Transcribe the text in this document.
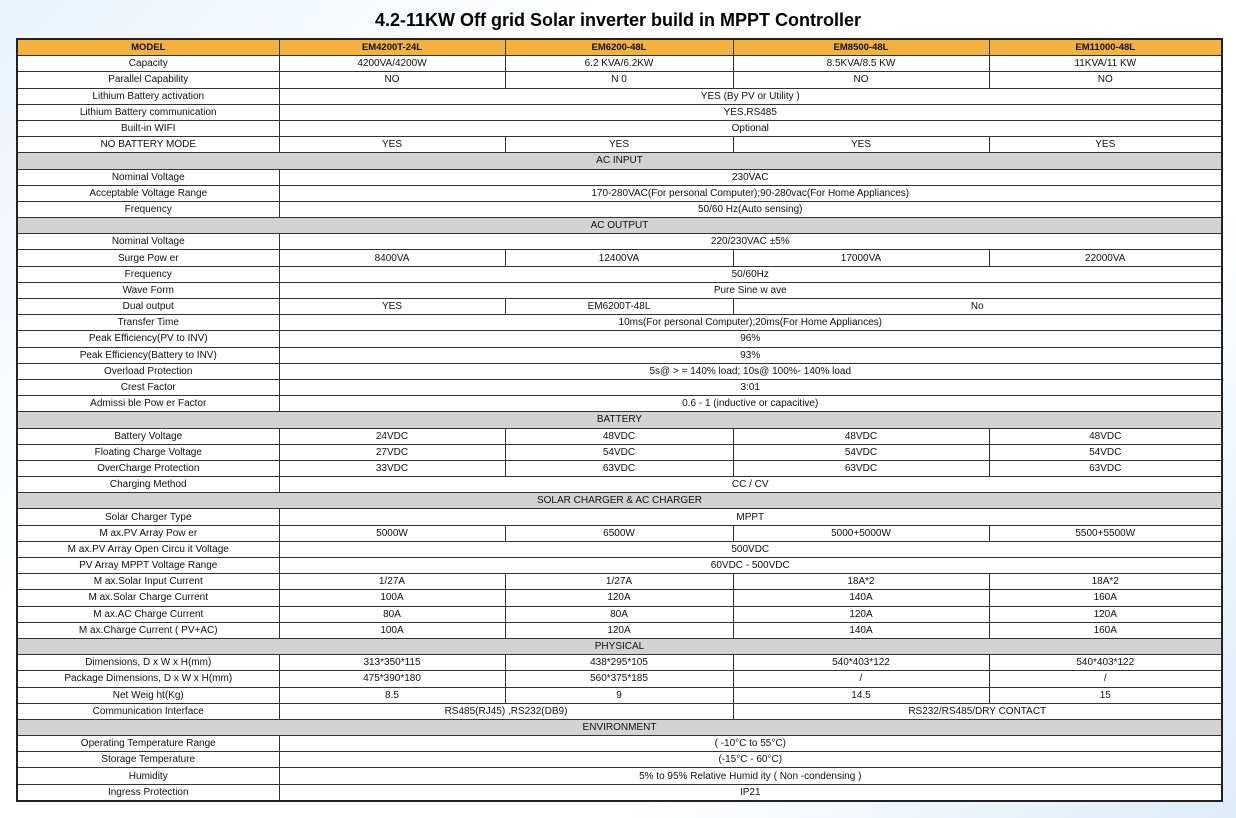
4.2-11KW Off grid Solar inverter build in MPPT Controller
MODEL	EM4200T-24L	EM6200-48L	EM8500-48L	EM11000-48L
Capacity	4200VA/4200W	6.2 KVA/6.2KW	8.5KVA/8.5 KW	11KVA/11 KW
Parallel Capability	NO	N 0	NO	NO
Lithium Battery activation	YES (By PV or Utility )			
Lithium Battery communication	YES,RS485			
Built-in WIFI	Optional			
NO BATTERY MODE	YES	YES	YES	YES
AC INPUT				
Nominal Voltage	230VAC			
Acceptable Voltage Range	170-280VAC(For personal Computer);90-280vac(For Home Appliances)			
Frequency	50/60 Hz(Auto sensing)			
AC OUTPUT				
Nominal Voltage	220/230VAC ±5%			
Surge Pow er	8400VA	12400VA	17000VA	22000VA
Frequency	50/60Hz			
Wave Form	Pure Sine w ave			
Dual output	YES	EM6200T-48L	No	
Transfer Time	10ms(For personal Computer);20ms(For Home Appliances)			
Peak Efficiency(PV to INV)	96%			
Peak Efficiency(Battery to INV)	93%			
Overload Protection	5s@ > = 140% load; 10s@ 100%- 140% load			
Crest Factor	3:01			
Admissi ble Pow er Factor	0.6 - 1 (inductive or capacitive)			
BATTERY				
Battery Voltage	24VDC	48VDC	48VDC	48VDC
Floating Charge Voltage	27VDC	54VDC	54VDC	54VDC
OverCharge Protection	33VDC	63VDC	63VDC	63VDC
Charging Method	CC / CV			
SOLAR CHARGER & AC CHARGER				
Solar Charger Type	MPPT			
M ax.PV Array Pow er	5000W	6500W	5000+5000W	5500+5500W
M ax.PV Array Open Circu it Voltage	500VDC			
PV Array MPPT Voltage Range	60VDC - 500VDC			
M ax.Solar Input Current	1/27A	1/27A	18A*2	18A*2
M ax.Solar Charge Current	100A	120A	140A	160A
M ax.AC Charge Current	80A	80A	120A	120A
M ax.Charge Current ( PV+AC)	100A	120A	140A	160A
PHYSICAL				
Dimensions, D x W x H(mm)	313*350*115	438*295*105	540*403*122	540*403*122
Package Dimensions, D x W x H(mm)	475*390*180	560*375*185	/	/
Net Weig ht(Kg)	8.5	9	14.5	15
Communication Interface	RS485(RJ45) ,RS232(DB9)		RS232/RS485/DRY CONTACT	
ENVIRONMENT				
Operating Temperature Range	( -10°C to 55°C)			
Storage Temperature	(-15°C - 60°C)			
Humidity	5% to 95% Relative Humid ity ( Non -condensing )			
Ingress Protection	IP21			
